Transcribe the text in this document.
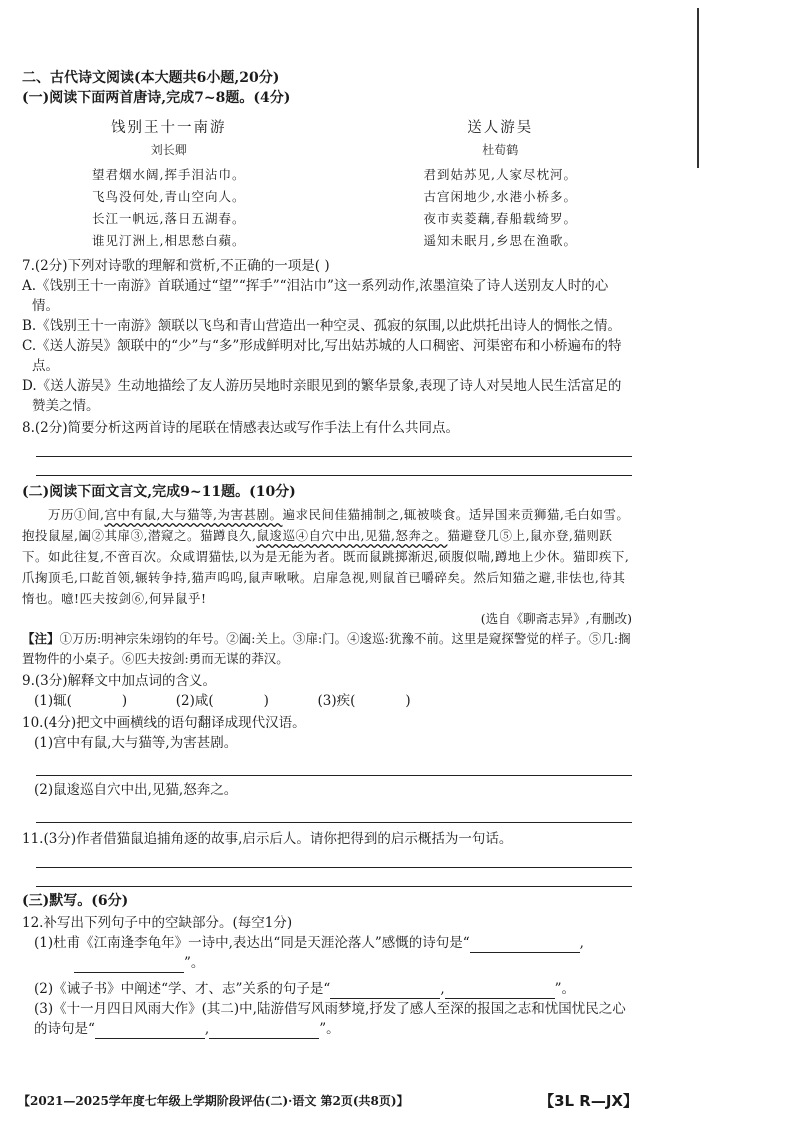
二、古代诗文阅读(本大题共6小题,20分)
(一)阅读下面两首唐诗,完成7~8题。(4分)
饯别王十一南游
刘长卿
望君烟水阔,挥手泪沾巾。
飞鸟没何处,青山空向人。
长江一帆远,落日五湖春。
谁见汀洲上,相思愁白蘋。
送人游吴
杜荀鹤
君到姑苏见,人家尽枕河。
古宫闲地少,水港小桥多。
夜市卖菱藕,春船载绮罗。
遥知未眠月,乡思在渔歌。
7.(2分)下列对诗歌的理解和赏析,不正确的一项是( )
A.《饯别王十一南游》首联通过“望”“挥手”“泪沾巾”这一系列动作,浓墨渲染了诗人送别友人时的心情。
B.《饯别王十一南游》颔联以飞鸟和青山营造出一种空灵、孤寂的氛围,以此烘托出诗人的惆怅之情。
C.《送人游吴》颔联中的“少”与“多”形成鲜明对比,写出姑苏城的人口稠密、河渠密布和小桥遍布的特点。
D.《送人游吴》生动地描绘了友人游历吴地时亲眼见到的繁华景象,表现了诗人对吴地人民生活富足的赞美之情。
8.(2分)简要分析这两首诗的尾联在情感表达或写作手法上有什么共同点。
(二)阅读下面文言文,完成9~11题。(10分)
万历①间,宫中有鼠,大与猫等,为害甚剧。遍求民间佳猫捕制之,辄被啖食。适异国来贡狮猫,毛白如雪。抱投鼠屋,阖②其扉③,潜窥之。猫蹲良久,鼠逡巡④自穴中出,见猫,怒奔之。猫避登几⑤上,鼠亦登,猫则跃下。如此往复,不啻百次。众咸谓猫怯,以为是无能为者。既而鼠跳掷渐迟,硕腹似喘,蹲地上少休。猫即疾下,爪掬顶毛,口龁首领,辗转争持,猫声呜呜,鼠声啾啾。启扉急视,则鼠首已嚼碎矣。然后知猫之避,非怯也,待其惰也。噫!匹夫按剑⑥,何异鼠乎!
(选自《聊斋志异》,有删改)
【注】①万历:明神宗朱翊钧的年号。②阖:关上。③扉:门。④逡巡:犹豫不前。这里是窥探警觉的样子。⑤几:搁置物件的小桌子。⑥匹夫按剑:勇而无谋的莽汉。
9.(3分)解释文中加点词的含义。
(1)辄(	)	(2)咸(	)	(3)疾(	)
10.(4分)把文中画横线的语句翻译成现代汉语。
(1)宫中有鼠,大与猫等,为害甚剧。
(2)鼠逡巡自穴中出,见猫,怒奔之。
11.(3分)作者借猫鼠追捕角逐的故事,启示后人。请你把得到的启示概括为一句话。
(三)默写。(6分)
12.补写出下列句子中的空缺部分。(每空1分)
(1)杜甫《江南逢李龟年》一诗中,表达出“同是天涯沦落人”感慨的诗句是“	,
”。
(2)《诫子书》中阐述“学、才、志”关系的句子是“	,	”。
(3)《十一月四日风雨大作》(其二)中,陆游借写风雨梦境,抒发了感人至深的报国之志和忧国忧民之心的诗句是“	,	”。
【2021—2025学年度七年级上学期阶段评估(二)·语文 第2页(共8页)】	【3L R—JX】
